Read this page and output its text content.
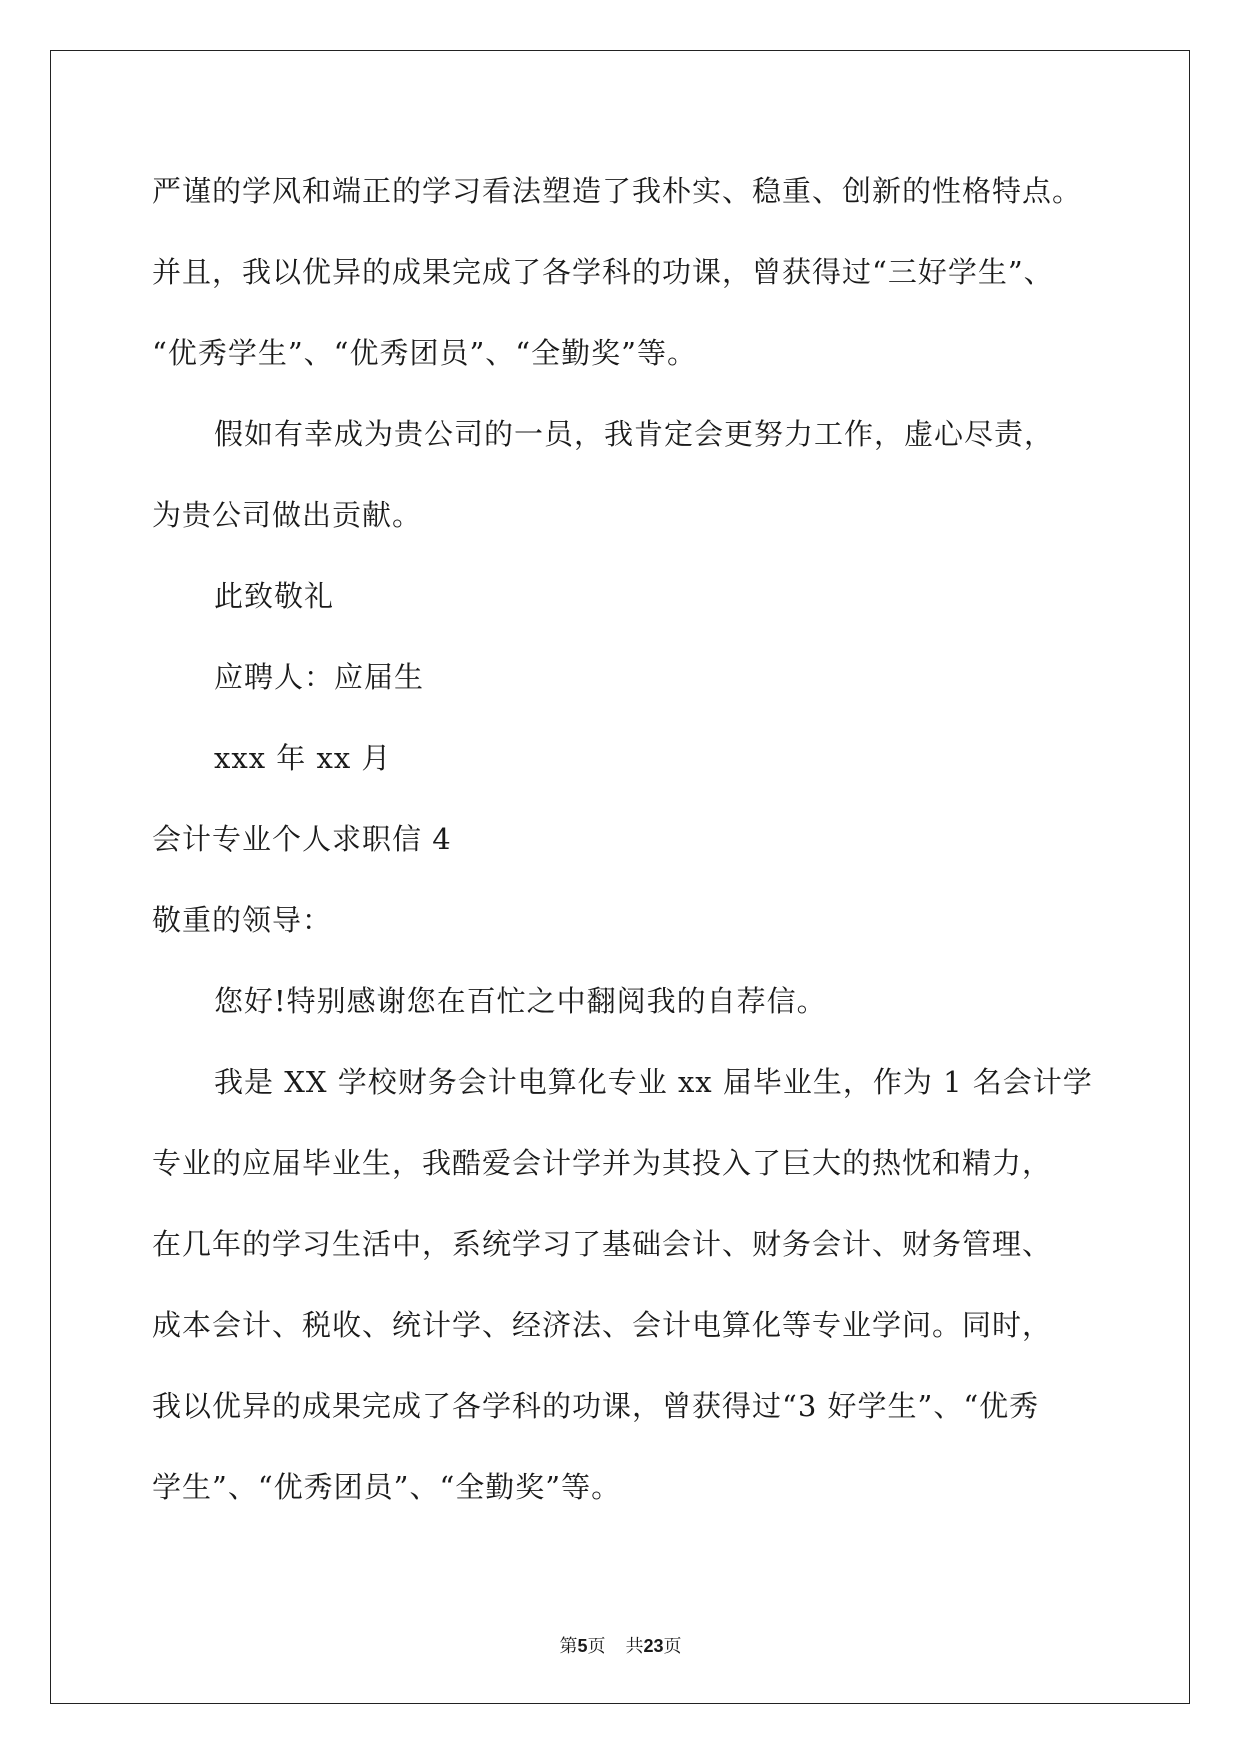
严谨的学风和端正的学习看法塑造了我朴实、稳重、创新的性格特点。
并且，我以优异的成果完成了各学科的功课，曾获得过“三好学生”、
“优秀学生”、“优秀团员”、“全勤奖”等。
假如有幸成为贵公司的一员，我肯定会更努力工作，虚心尽责，
为贵公司做出贡献。
此致敬礼
应聘人：应届生
xxx 年 xx 月
会计专业个人求职信 4
敬重的领导：
您好!特别感谢您在百忙之中翻阅我的自荐信。
我是 XX 学校财务会计电算化专业 xx 届毕业生，作为 1 名会计学
专业的应届毕业生，我酷爱会计学并为其投入了巨大的热忱和精力，
在几年的学习生活中，系统学习了基础会计、财务会计、财务管理、
成本会计、税收、统计学、经济法、会计电算化等专业学问。同时，
我以优异的成果完成了各学科的功课，曾获得过“3 好学生”、“优秀
学生”、“优秀团员”、“全勤奖”等。
第5页 共23页
